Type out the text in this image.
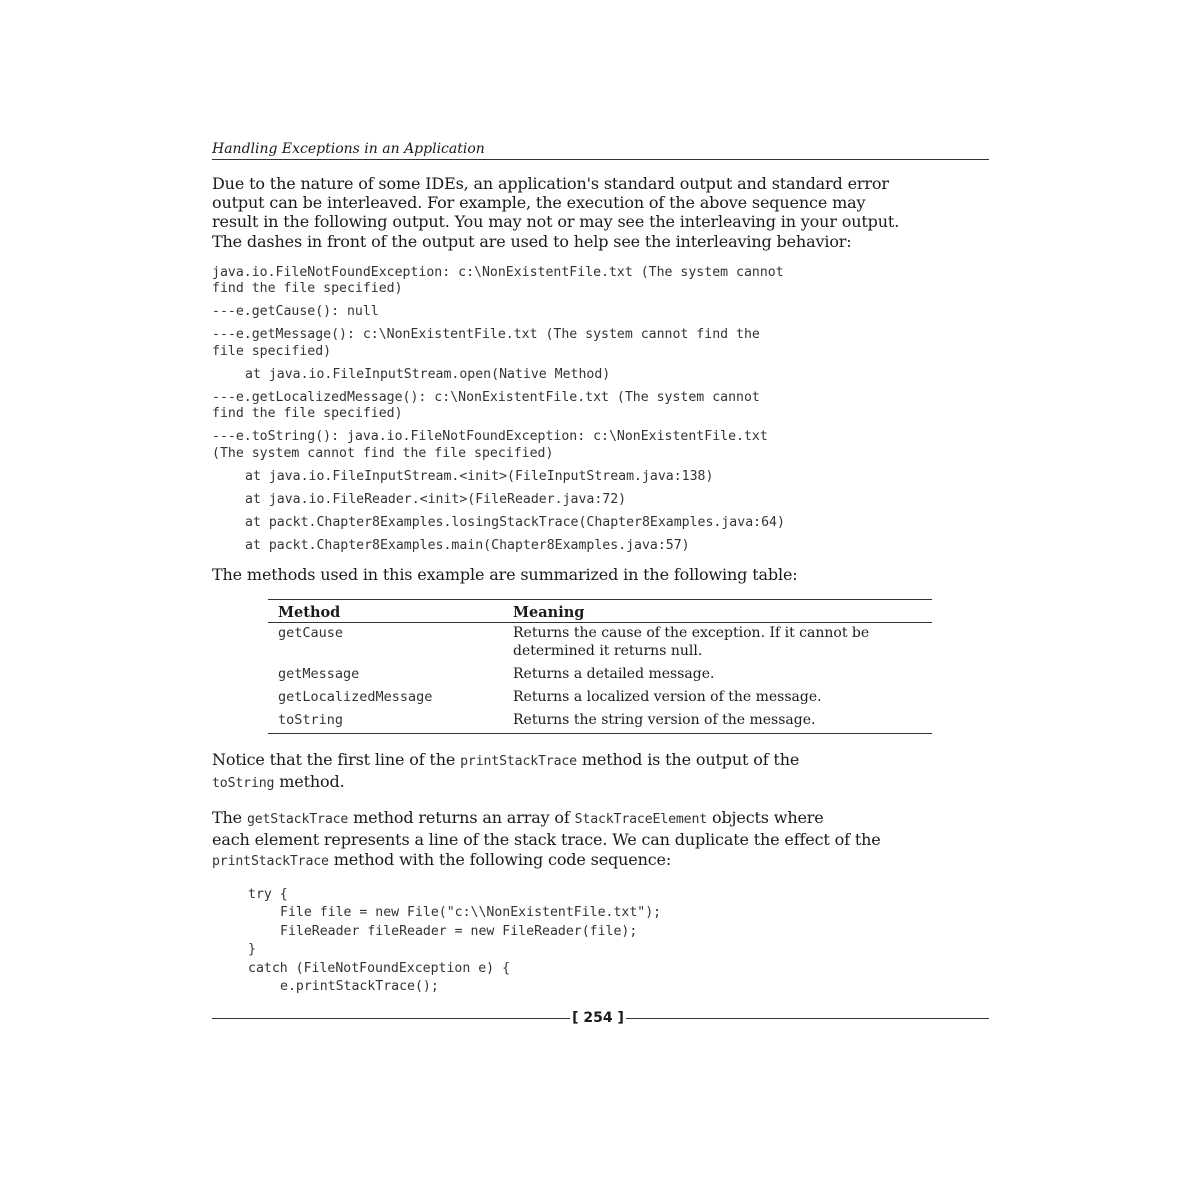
Handling Exceptions in an Application

Due to the nature of some IDEs, an application's standard output and standard error
output can be interleaved. For example, the execution of the above sequence may
result in the following output. You may not or may see the interleaving in your output.
The dashes in front of the output are used to help see the interleaving behavior:

java.io.FileNotFoundException: c:\NonExistentFile.txt (The system cannot
find the file specified)
---e.getCause(): null
---e.getMessage(): c:\NonExistentFile.txt (The system cannot find the
file specified)
at java.io.FileInputStream.open(Native Method)
---e.getLocalizedMessage(): c:\NonExistentFile.txt (The system cannot
find the file specified)
---e.toString(): java.io.FileNotFoundException: c:\NonExistentFile.txt
(The system cannot find the file specified)
at java.io.FileInputStream.<init>(FileInputStream.java:138)
at java.io.FileReader.<init>(FileReader.java:72)
at packt.Chapter8Examples.losingStackTrace(Chapter8Examples.java:64)
at packt.Chapter8Examples.main(Chapter8Examples.java:57)

The methods used in this example are summarized in the following table:

Method	Meaning
getCause	Returns the cause of the exception. If it cannot be
determined it returns null.

getMessage	Returns a detailed message.
getLocalizedMessage	Returns a localized version of the message.
toString	Returns the string version of the message.

Notice that the first line of the printStackTrace method is the output of the
toString method.

The getStackTrace method returns an array of StackTraceElement objects where
each element represents a line of the stack trace. We can duplicate the effect of the
printStackTrace method with the following code sequence:

try {
File file = new File("c:\\NonExistentFile.txt");
FileReader fileReader = new FileReader(file);
}
catch (FileNotFoundException e) {
e.printStackTrace();
[ 254 ]
